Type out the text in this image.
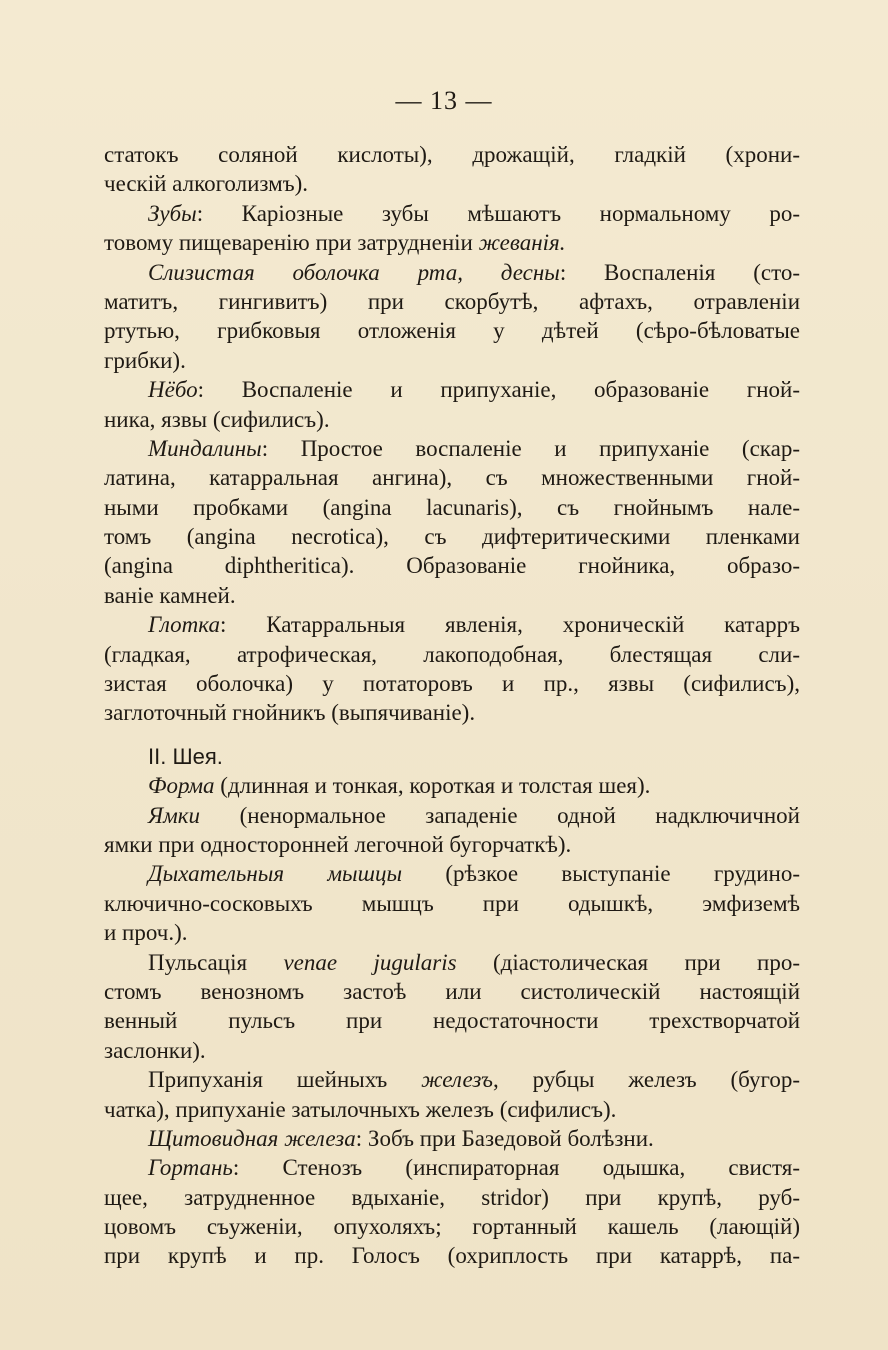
— 13 —
статокъ соляной кислоты), дрожащій, гладкій (хрони-
ческій алкоголизмъ).
Зубы: Каріозные зубы мѣшаютъ нормальному ро-
товому пищеваренію при затрудненіи жеванія.
Слизистая оболочка рта, десны: Воспаленія (сто-
матитъ, гингивитъ) при скорбутѣ, афтахъ, отравленіи
ртутью, грибковыя отложенія у дѣтей (сѣро-бѣловатые
грибки).
Нёбо: Воспаленіе и припуханіе, образованіе гной-
ника, язвы (сифилисъ).
Миндалины: Простое воспаленіе и припуханіе (скар-
латина, катарральная ангина), съ множественными гной-
ными пробками (angina lacunaris), съ гнойнымъ нале-
томъ (angina necrotica), съ дифтеритическими пленками
(angina diphtheritica). Образованіе гнойника, образо-
ваніе камней.
Глотка: Катарральныя явленія, хроническій катарръ
(гладкая, атрофическая, лакоподобная, блестящая сли-
зистая оболочка) у потаторовъ и пр., язвы (сифилисъ),
заглоточный гнойникъ (выпячиваніе).
II. Шея.
Форма (длинная и тонкая, короткая и толстая шея).
Ямки (ненормальное западеніе одной надключичной
ямки при односторонней легочной бугорчаткѣ).
Дыхательныя мышцы (рѣзкое выступаніе грудино-
ключично-сосковыхъ мышцъ при одышкѣ, эмфиземѣ
и проч.).
Пульсація venae jugularis (діастолическая при про-
стомъ венозномъ застоѣ или систолическій настоящій
венный пульсъ при недостаточности трехстворчатой
заслонки).
Припуханія шейныхъ железъ, рубцы железъ (бугор-
чатка), припуханіе затылочныхъ железъ (сифилисъ).
Щитовидная железа: Зобъ при Базедовой болѣзни.
Гортань: Стенозъ (инспираторная одышка, свистя-
щее, затрудненное вдыханіе, stridor) при крупѣ, руб-
цовомъ съуженіи, опухоляхъ; гортанный кашель (лающій)
при крупѣ и пр. Голосъ (охриплость при катаррѣ, па-
